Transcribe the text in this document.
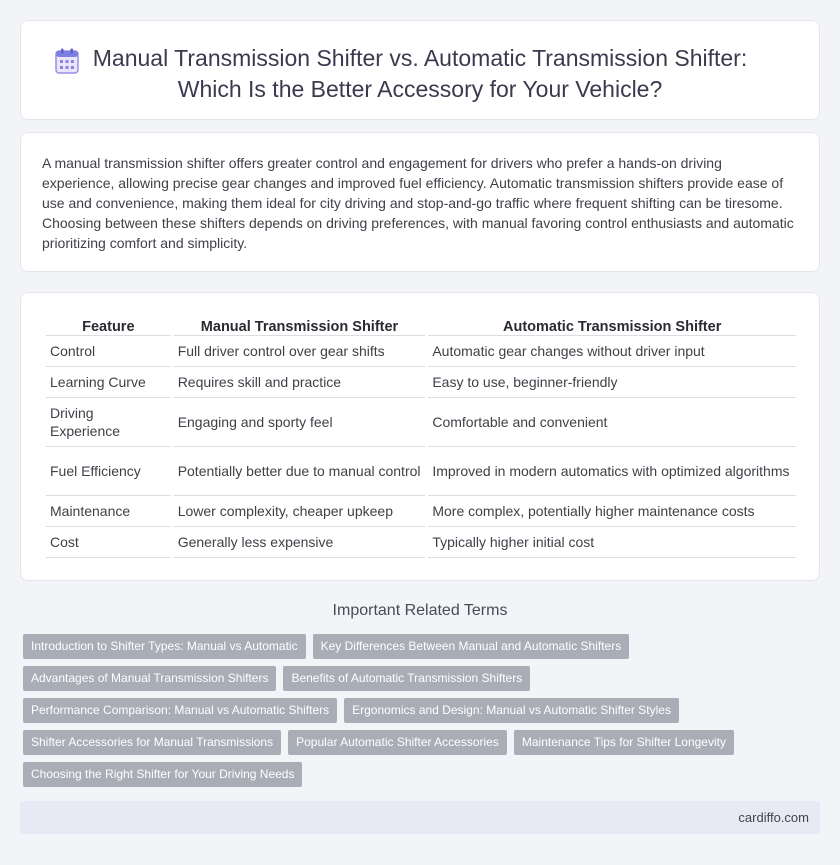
Manual Transmission Shifter vs. Automatic Transmission Shifter:
Which Is the Better Accessory for Your Vehicle?

A manual transmission shifter offers greater control and engagement for drivers who prefer a hands-on driving experience, allowing precise gear changes and improved fuel efficiency. Automatic transmission shifters provide ease of use and convenience, making them ideal for city driving and stop-and-go traffic where frequent shifting can be tiresome. Choosing between these shifters depends on driving preferences, with manual favoring control enthusiasts and automatic prioritizing comfort and simplicity.

Feature	Manual Transmission Shifter	Automatic Transmission Shifter
Control	Full driver control over gear shifts	Automatic gear changes without driver input
Learning Curve	Requires skill and practice	Easy to use, beginner-friendly
Driving Experience	Engaging and sporty feel	Comfortable and convenient
Fuel Efficiency	Potentially better due to manual control	Improved in modern automatics with optimized algorithms
Maintenance	Lower complexity, cheaper upkeep	More complex, potentially higher maintenance costs
Cost	Generally less expensive	Typically higher initial cost
Important Related Terms
Introduction to Shifter Types: Manual vs Automatic	Key Differences Between Manual and Automatic Shifters
Advantages of Manual Transmission Shifters	Benefits of Automatic Transmission Shifters
Performance Comparison: Manual vs Automatic Shifters	Ergonomics and Design: Manual vs Automatic Shifter Styles
Shifter Accessories for Manual Transmissions	Popular Automatic Shifter Accessories	Maintenance Tips for Shifter Longevity
Choosing the Right Shifter for Your Driving Needs
cardiffo.com
